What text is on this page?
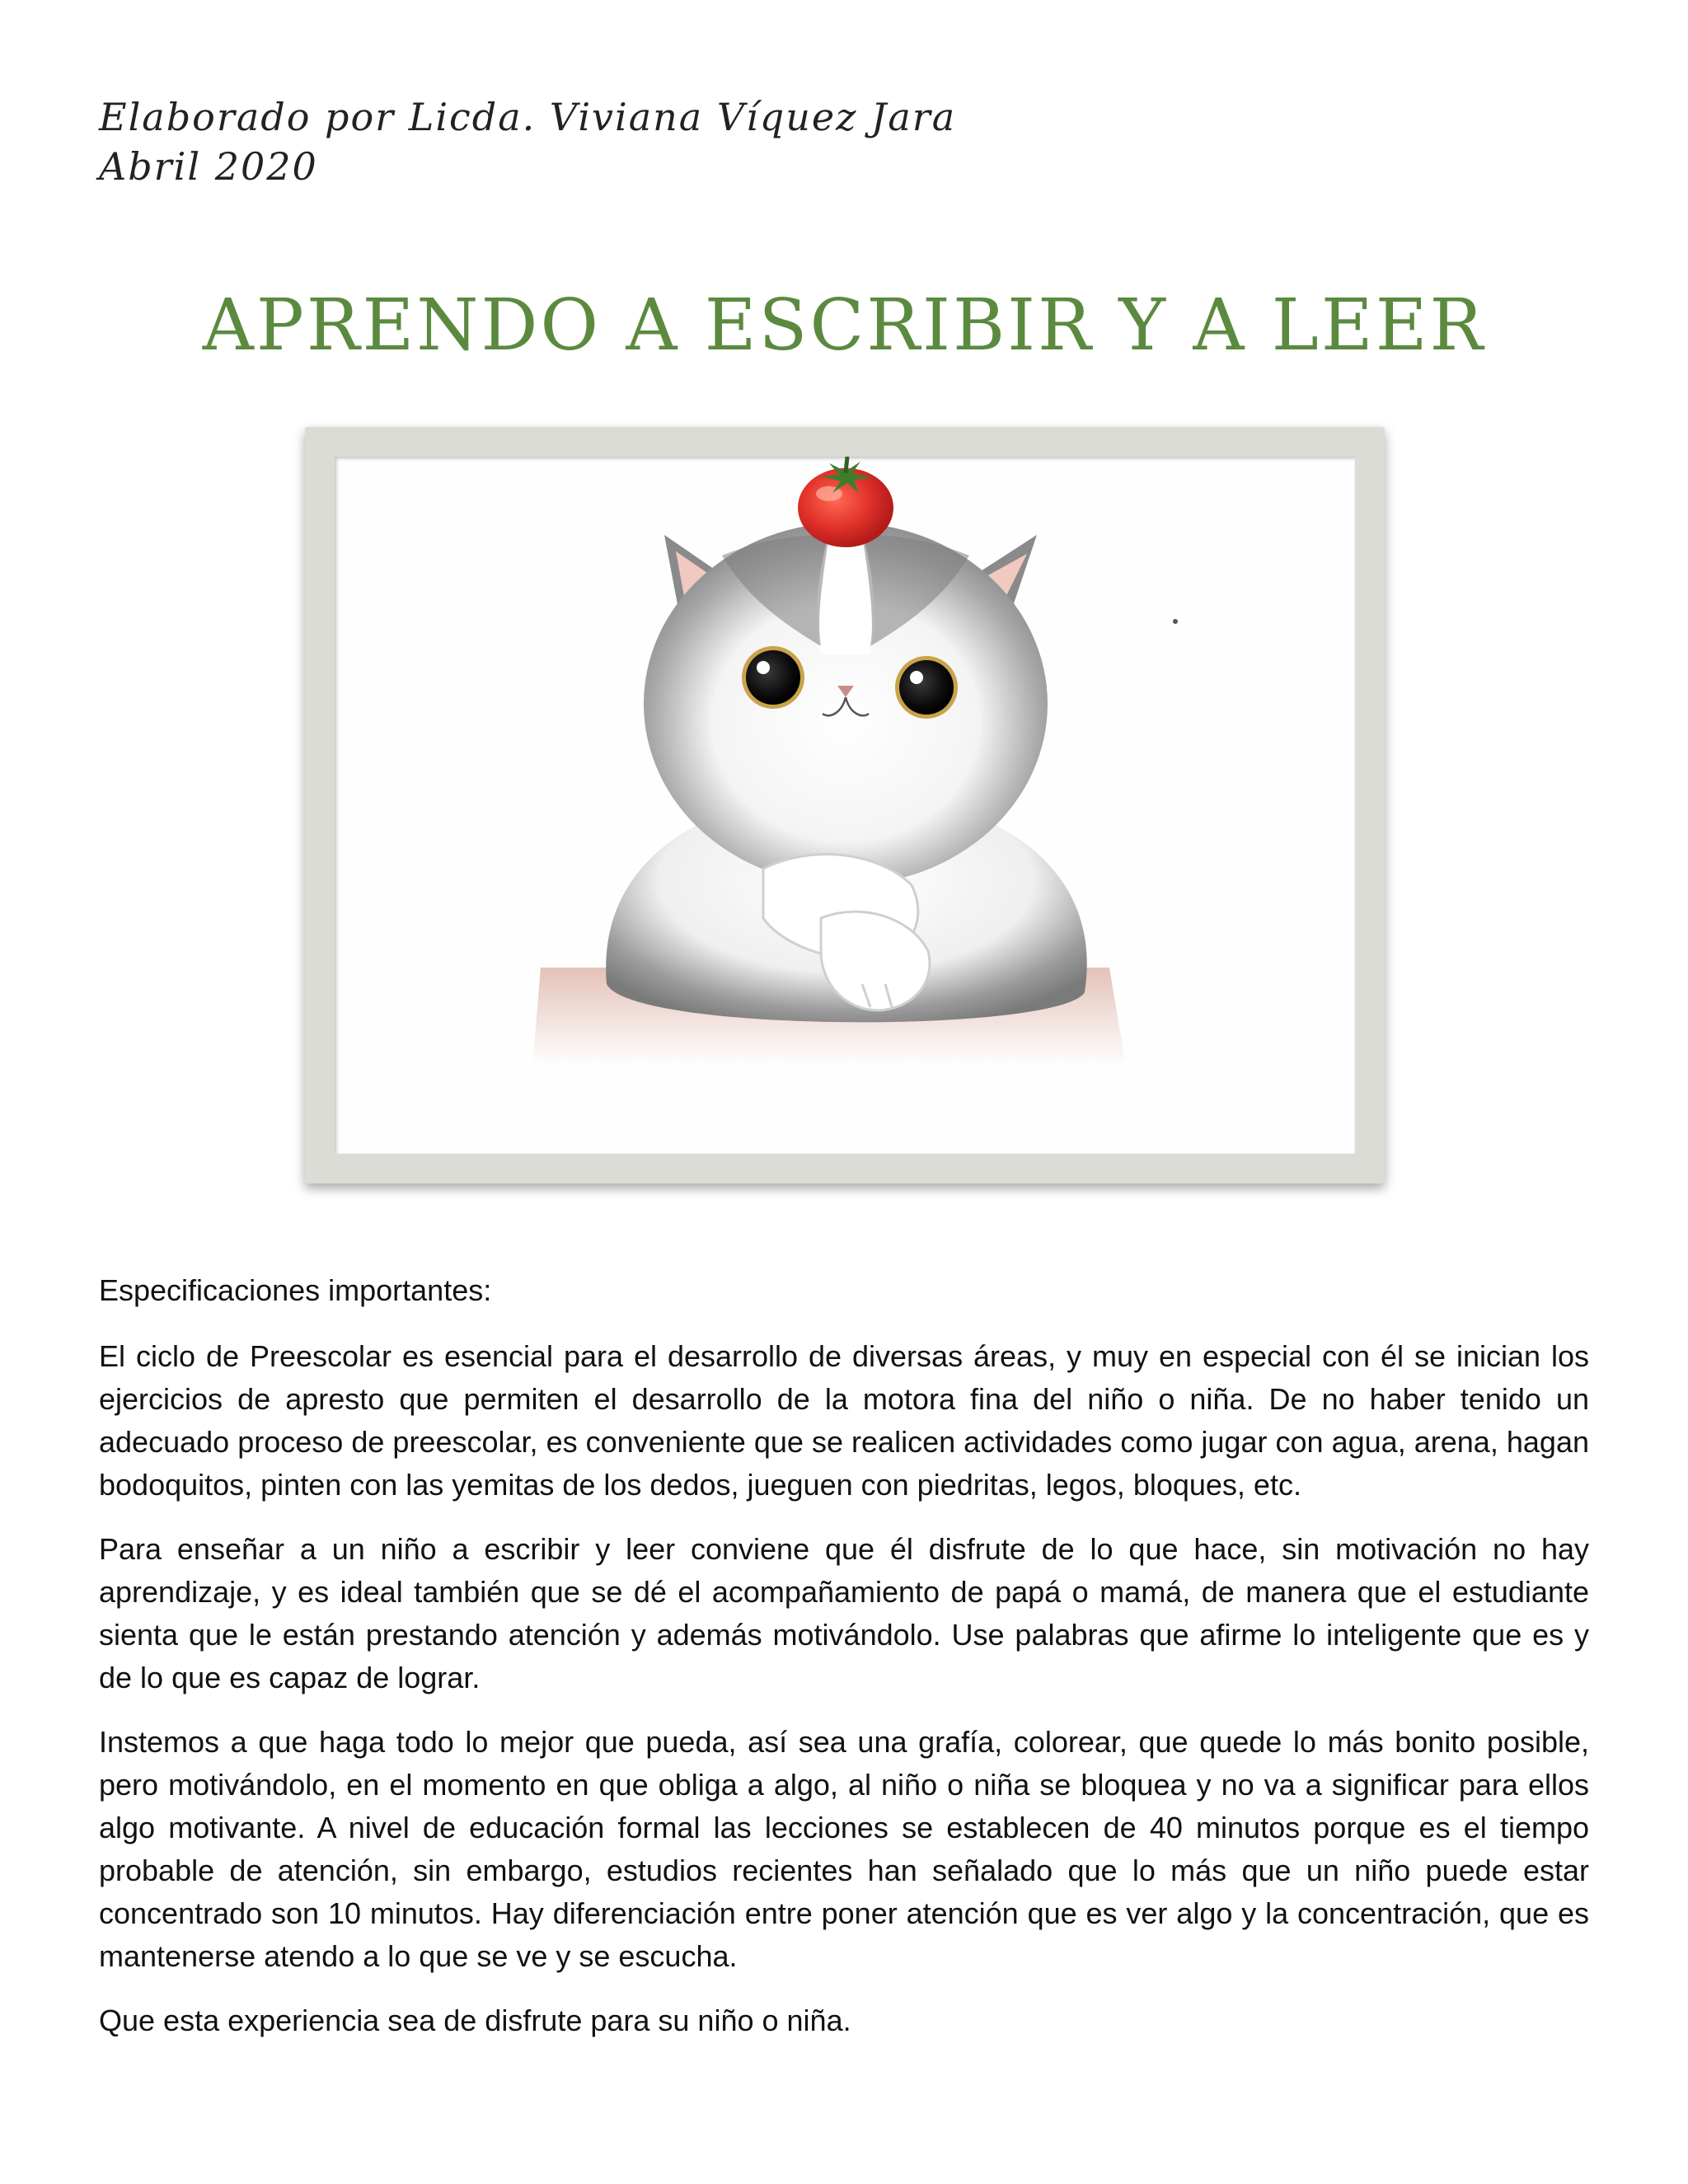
Elaborado por Licda. Viviana Víquez Jara
Abril 2020
APRENDO A ESCRIBIR Y A LEER

Especificaciones importantes:

El ciclo de Preescolar es esencial para el desarrollo de diversas áreas, y muy en especial con él se inician los ejercicios de apresto que permiten el desarrollo de la motora fina del niño o niña. De no haber tenido un adecuado proceso de preescolar, es conveniente que se realicen actividades como jugar con agua, arena, hagan bodoquitos, pinten con las yemitas de los dedos, jueguen con piedritas, legos, bloques, etc.

Para enseñar a un niño a escribir y leer conviene que él disfrute de lo que hace, sin motivación no hay aprendizaje, y es ideal también que se dé el acompañamiento de papá o mamá, de manera que el estudiante sienta que le están prestando atención y además motivándolo. Use palabras que afirme lo inteligente que es y de lo que es capaz de lograr.

Instemos a que haga todo lo mejor que pueda, así sea una grafía, colorear, que quede lo más bonito posible, pero motivándolo, en el momento en que obliga a algo, al niño o niña se bloquea y no va a significar para ellos algo motivante. A nivel de educación formal las lecciones se establecen de 40 minutos porque es el tiempo probable de atención, sin embargo, estudios recientes han señalado que lo más que un niño puede estar concentrado son 10 minutos. Hay diferenciación entre poner atención que es ver algo y la concentración, que es mantenerse atendo a lo que se ve y se escucha.

Que esta experiencia sea de disfrute para su niño o niña.
